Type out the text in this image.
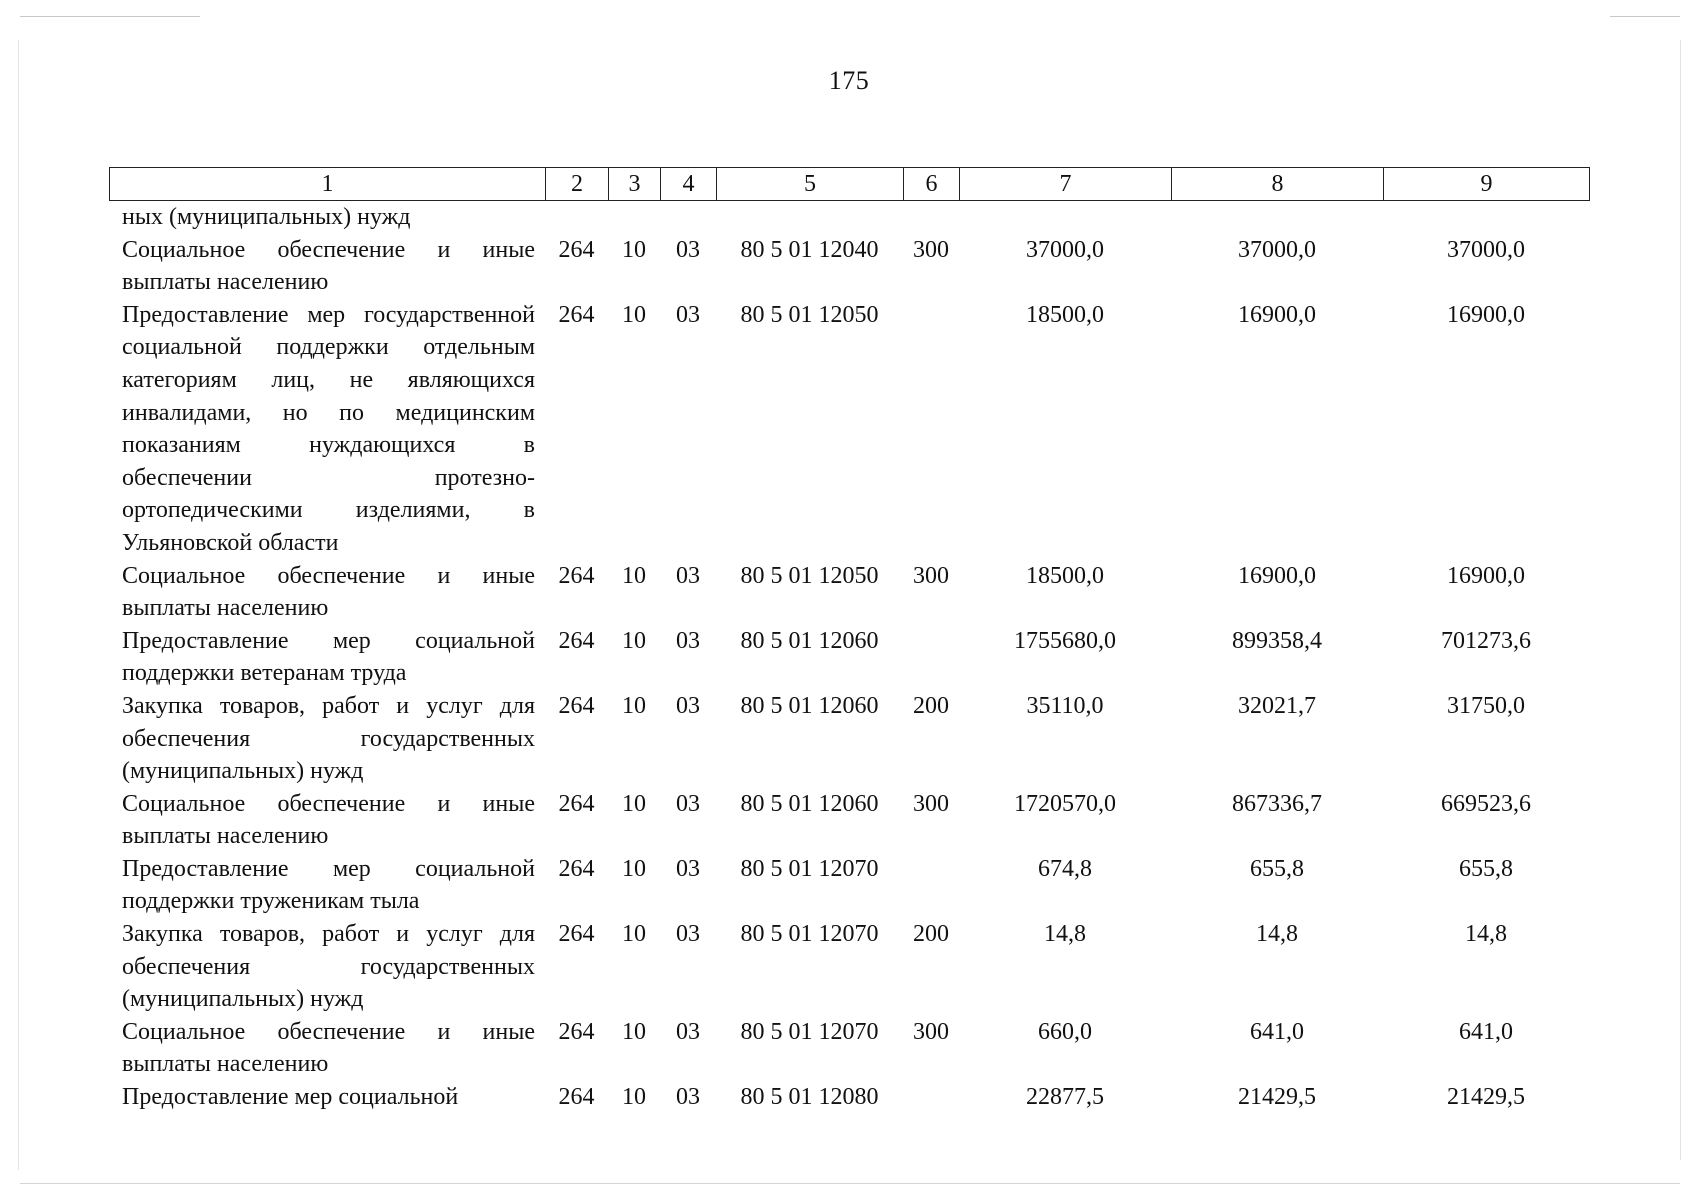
175
1	2	3	4	5	6	7	8	9
ных (муниципальных) нужд								
Социальное обеспечение и иные выплаты населению	264	10	03	80 5 01 12040	300	37000,0	37000,0	37000,0
Предоставление мер государственной социальной поддержки отдельным категориям лиц, не являющихся инвалидами, но по медицинским показаниям нуждающихся в обеспечении протезно-ортопедическими изделиями, в Ульяновской области	264	10	03	80 5 01 12050		18500,0	16900,0	16900,0
Социальное обеспечение и иные выплаты населению	264	10	03	80 5 01 12050	300	18500,0	16900,0	16900,0
Предоставление мер социальной поддержки ветеранам труда	264	10	03	80 5 01 12060		1755680,0	899358,4	701273,6
Закупка товаров, работ и услуг для обеспечения государственных (муниципальных) нужд	264	10	03	80 5 01 12060	200	35110,0	32021,7	31750,0
Социальное обеспечение и иные выплаты населению	264	10	03	80 5 01 12060	300	1720570,0	867336,7	669523,6
Предоставление мер социальной поддержки труженикам тыла	264	10	03	80 5 01 12070		674,8	655,8	655,8
Закупка товаров, работ и услуг для обеспечения государственных (муниципальных) нужд	264	10	03	80 5 01 12070	200	14,8	14,8	14,8
Социальное обеспечение и иные выплаты населению	264	10	03	80 5 01 12070	300	660,0	641,0	641,0
Предоставление мер социальной	264	10	03	80 5 01 12080		22877,5	21429,5	21429,5
